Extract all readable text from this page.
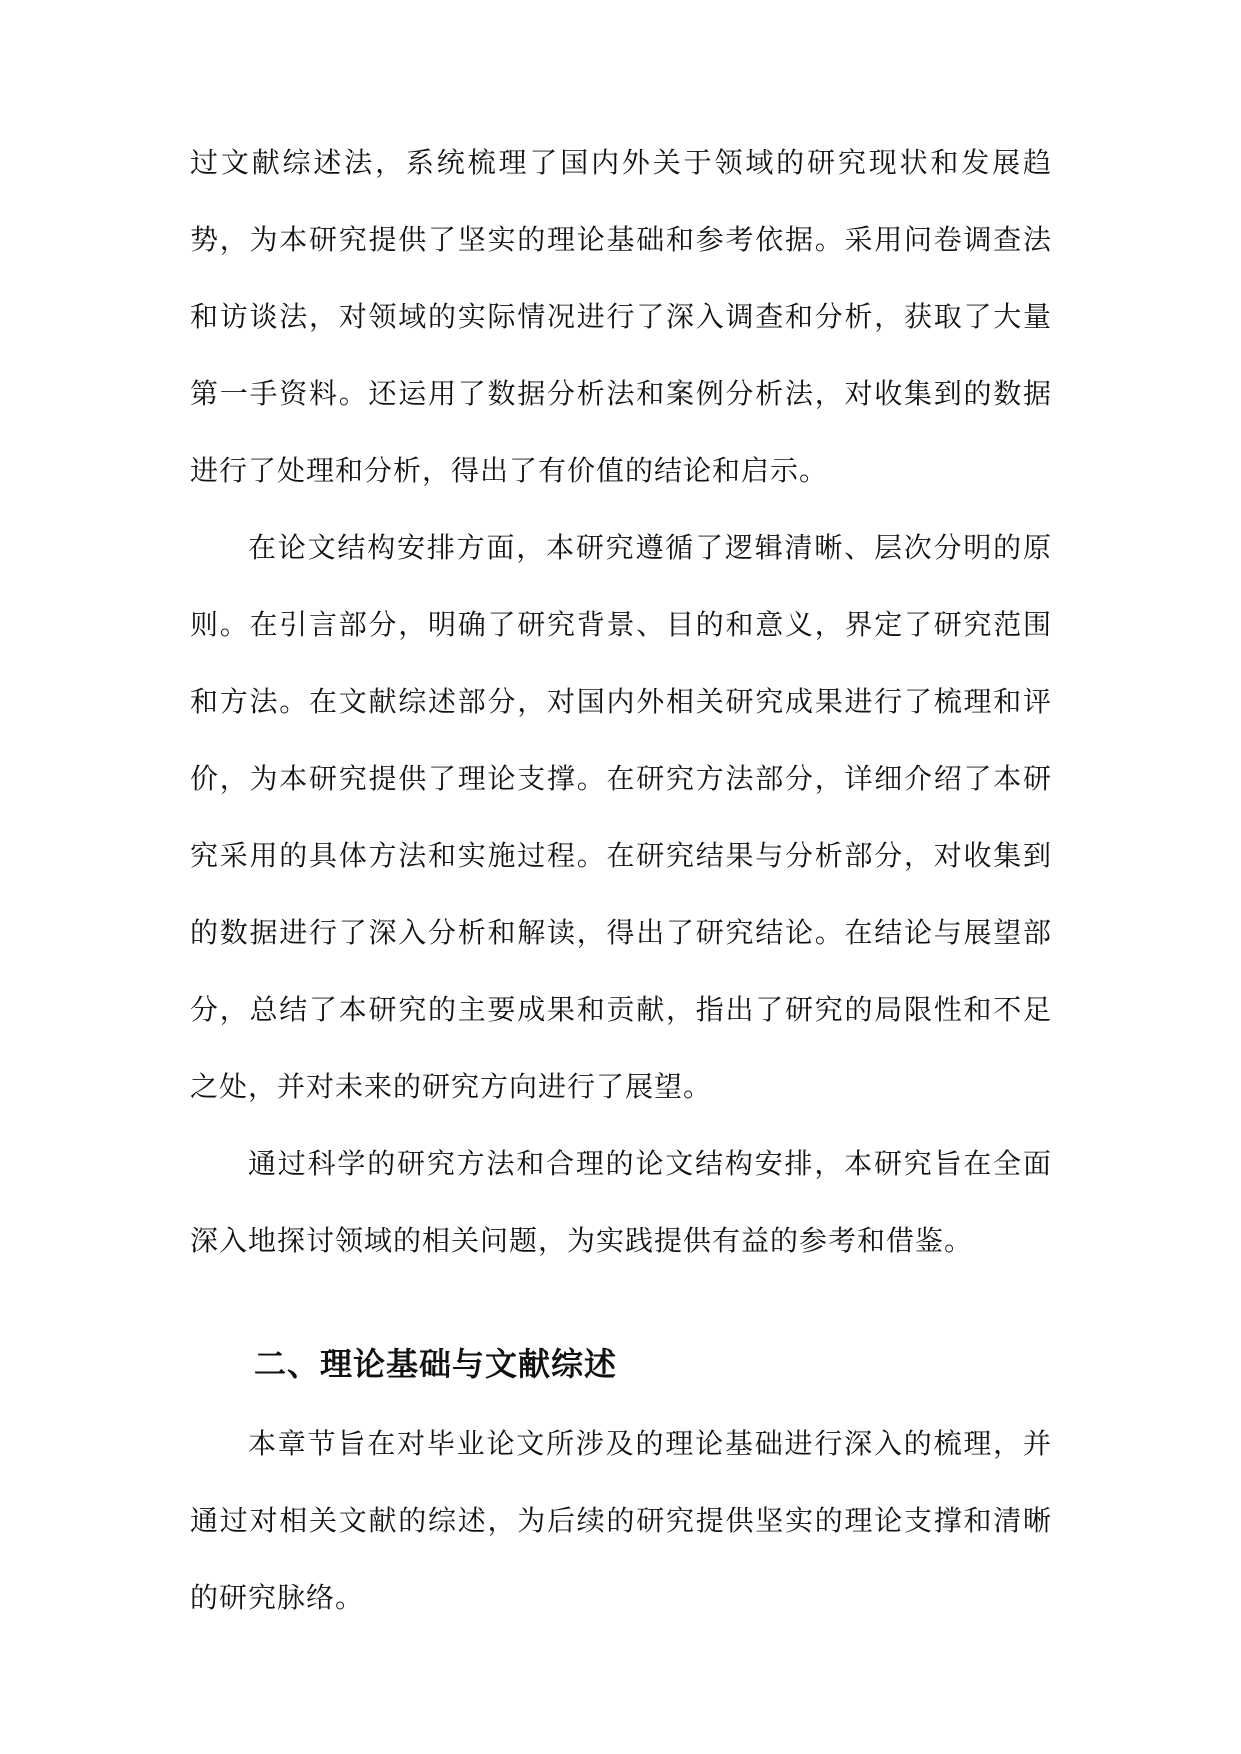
过文献综述法，系统梳理了国内外关于领域的研究现状和发展趋势，为本研究提供了坚实的理论基础和参考依据。采用问卷调查法和访谈法，对领域的实际情况进行了深入调查和分析，获取了大量第一手资料。还运用了数据分析法和案例分析法，对收集到的数据进行了处理和分析，得出了有价值的结论和启示。

在论文结构安排方面，本研究遵循了逻辑清晰、层次分明的原则。在引言部分，明确了研究背景、目的和意义，界定了研究范围和方法。在文献综述部分，对国内外相关研究成果进行了梳理和评价，为本研究提供了理论支撑。在研究方法部分，详细介绍了本研究采用的具体方法和实施过程。在研究结果与分析部分，对收集到的数据进行了深入分析和解读，得出了研究结论。在结论与展望部分，总结了本研究的主要成果和贡献，指出了研究的局限性和不足之处，并对未来的研究方向进行了展望。

通过科学的研究方法和合理的论文结构安排，本研究旨在全面深入地探讨领域的相关问题，为实践提供有益的参考和借鉴。

二、理论基础与文献综述

本章节旨在对毕业论文所涉及的理论基础进行深入的梳理，并通过对相关文献的综述，为后续的研究提供坚实的理论支撑和清晰的研究脉络。
